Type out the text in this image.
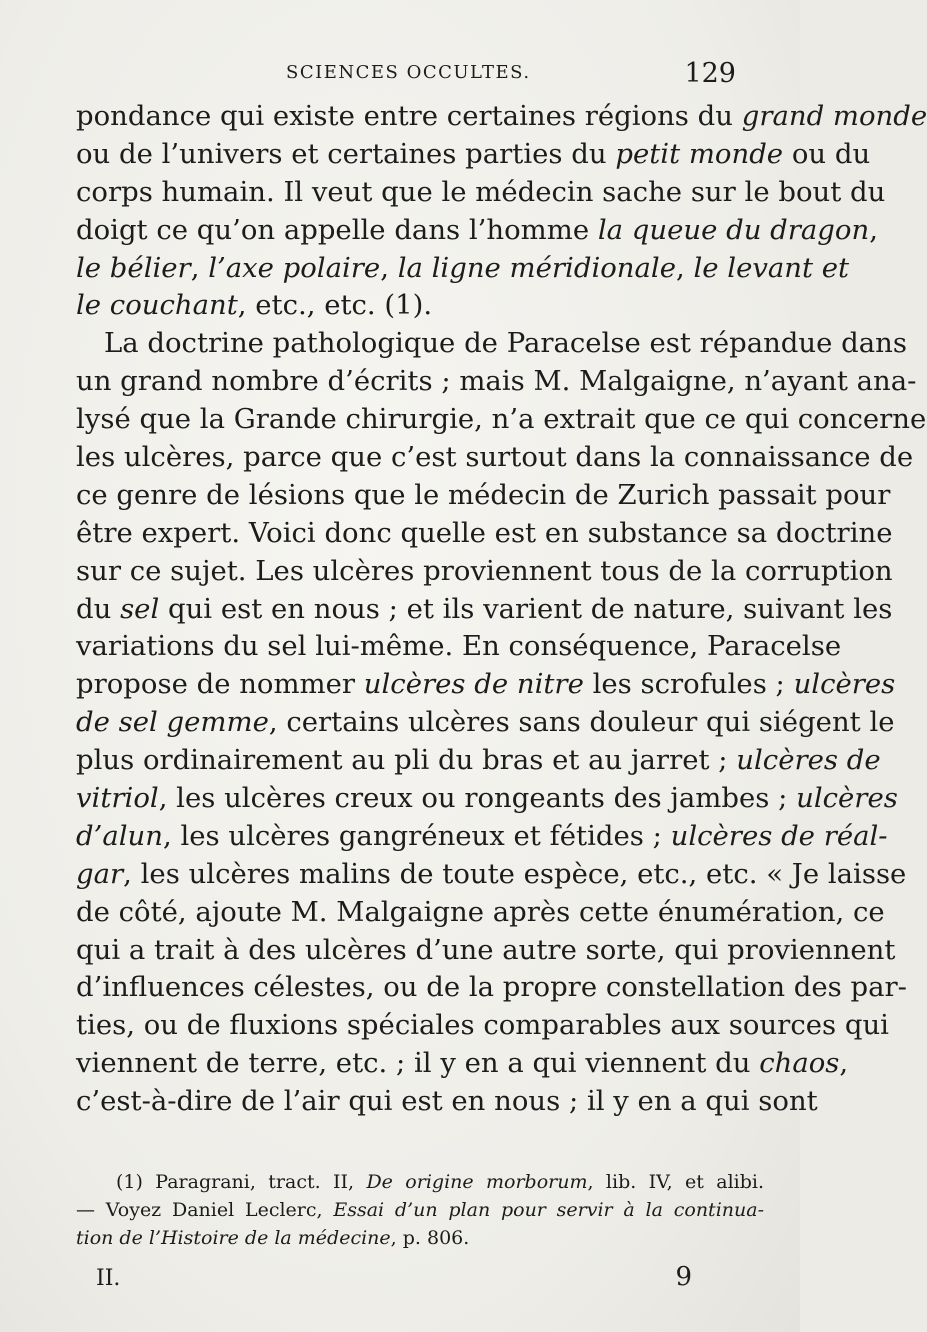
SCIENCES OCCULTES.	129
pondance qui existe entre certaines régions du grand monde
ou de l’univers et certaines parties du petit monde ou du
corps humain. Il veut que le médecin sache sur le bout du
doigt ce qu’on appelle dans l’homme la queue du dragon,
le bélier, l’axe polaire, la ligne méridionale, le levant et
le couchant, etc., etc. (1).
La doctrine pathologique de Paracelse est répandue dans
un grand nombre d’écrits ; mais M. Malgaigne, n’ayant ana-
lysé que la Grande chirurgie, n’a extrait que ce qui concerne
les ulcères, parce que c’est surtout dans la connaissance de
ce genre de lésions que le médecin de Zurich passait pour
être expert. Voici donc quelle est en substance sa doctrine
sur ce sujet. Les ulcères proviennent tous de la corruption
du sel qui est en nous ; et ils varient de nature, suivant les
variations du sel lui-même. En conséquence, Paracelse
propose de nommer ulcères de nitre les scrofules ; ulcères
de sel gemme, certains ulcères sans douleur qui siégent le
plus ordinairement au pli du bras et au jarret ; ulcères de
vitriol, les ulcères creux ou rongeants des jambes ; ulcères
d’alun, les ulcères gangréneux et fétides ; ulcères de réal-
gar, les ulcères malins de toute espèce, etc., etc. « Je laisse
de côté, ajoute M. Malgaigne après cette énumération, ce
qui a trait à des ulcères d’une autre sorte, qui proviennent
d’influences célestes, ou de la propre constellation des par-
ties, ou de fluxions spéciales comparables aux sources qui
viennent de terre, etc. ; il y en a qui viennent du chaos,
c’est-à-dire de l’air qui est en nous ; il y en a qui sont
(1) Paragrani, tract. II, De origine morborum, lib. IV, et alibi.
— Voyez Daniel Leclerc, Essai d’un plan pour servir à la continua-
tion de l’Histoire de la médecine, p. 806.
II.	9
